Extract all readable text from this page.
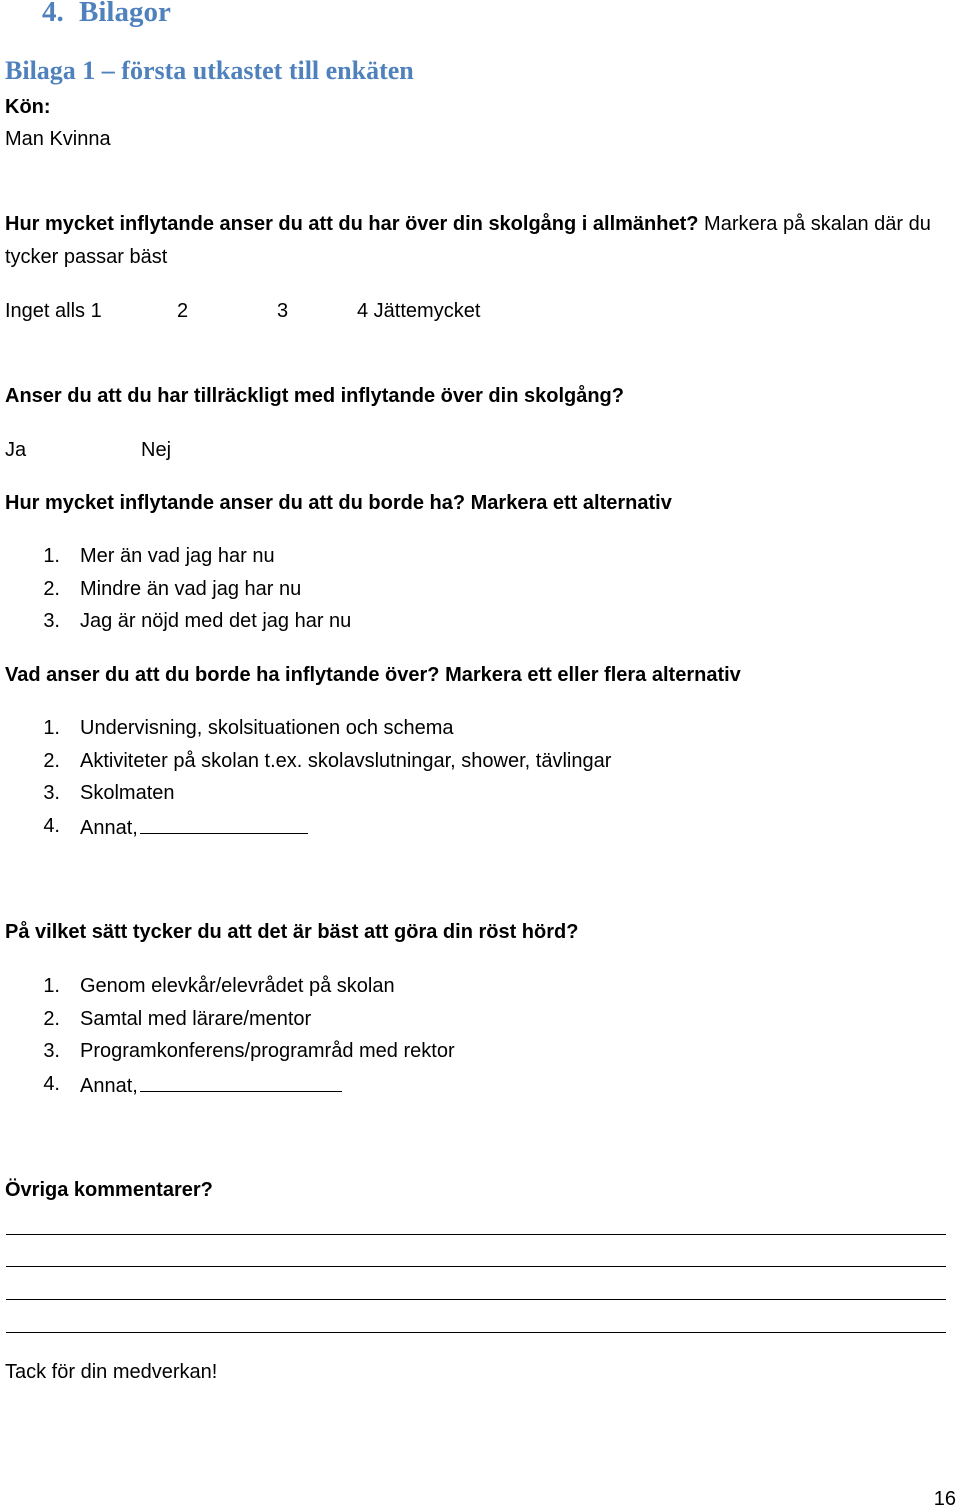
4. Bilagor
Bilaga 1 – första utkastet till enkäten
Kön:
Man Kvinna
Hur mycket inflytande anser du att du har över din skolgång i allmänhet? Markera på skalan där du
tycker passar bäst
Inget alls 1	2	3	4 Jättemycket
Anser du att du har tillräckligt med inflytande över din skolgång?
Ja	Nej
Hur mycket inflytande anser du att du borde ha? Markera ett alternativ
1. Mer än vad jag har nu
2. Mindre än vad jag har nu
3. Jag är nöjd med det jag har nu
Vad anser du att du borde ha inflytande över? Markera ett eller flera alternativ
1. Undervisning, skolsituationen och schema
2. Aktiviteter på skolan t.ex. skolavslutningar, shower, tävlingar
3. Skolmaten
4. Annat,
På vilket sätt tycker du att det är bäst att göra din röst hörd?
1. Genom elevkår/elevrådet på skolan
2. Samtal med lärare/mentor
3. Programkonferens/programråd med rektor
4. Annat,
Övriga kommentarer?
Tack för din medverkan!
16
